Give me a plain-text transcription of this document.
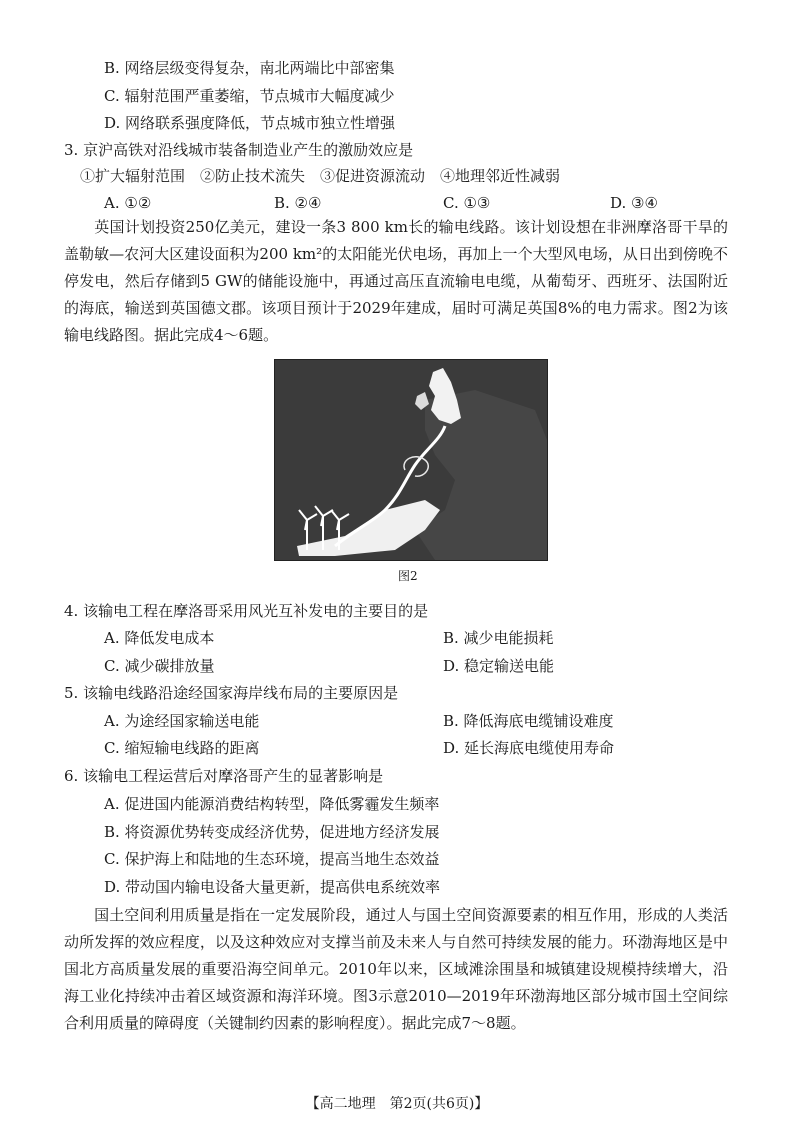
B. 网络层级变得复杂，南北两端比中部密集
C. 辐射范围严重萎缩，节点城市大幅度减少
D. 网络联系强度降低，节点城市独立性增强
3. 京沪高铁对沿线城市装备制造业产生的激励效应是
①扩大辐射范围　②防止技术流失　③促进资源流动　④地理邻近性减弱
A. ①②	B. ②④	C. ①③	D. ③④
英国计划投资250亿美元，建设一条3 800 km长的输电线路。该计划设想在非洲摩洛哥干旱的盖勒敏—农河大区建设面积为200 km²的太阳能光伏电场，再加上一个大型风电场，从日出到傍晚不停发电，然后存储到5 GW的储能设施中，再通过高压直流输电电缆，从葡萄牙、西班牙、法国附近的海底，输送到英国德文郡。该项目预计于2029年建成，届时可满足英国8%的电力需求。图2为该输电线路图。据此完成4～6题。
图2
4. 该输电工程在摩洛哥采用风光互补发电的主要目的是
A. 降低发电成本	B. 减少电能损耗
C. 减少碳排放量	D. 稳定输送电能
5. 该输电线路沿途经国家海岸线布局的主要原因是
A. 为途经国家输送电能	B. 降低海底电缆铺设难度
C. 缩短输电线路的距离	D. 延长海底电缆使用寿命
6. 该输电工程运营后对摩洛哥产生的显著影响是
A. 促进国内能源消费结构转型，降低雾霾发生频率
B. 将资源优势转变成经济优势，促进地方经济发展
C. 保护海上和陆地的生态环境，提高当地生态效益
D. 带动国内输电设备大量更新，提高供电系统效率
国土空间利用质量是指在一定发展阶段，通过人与国土空间资源要素的相互作用，形成的人类活动所发挥的效应程度，以及这种效应对支撑当前及未来人与自然可持续发展的能力。环渤海地区是中国北方高质量发展的重要沿海空间单元。2010年以来，区域滩涂围垦和城镇建设规模持续增大，沿海工业化持续冲击着区域资源和海洋环境。图3示意2010—2019年环渤海地区部分城市国土空间综合利用质量的障碍度（关键制约因素的影响程度）。据此完成7～8题。
【高二地理　第2页(共6页)】
